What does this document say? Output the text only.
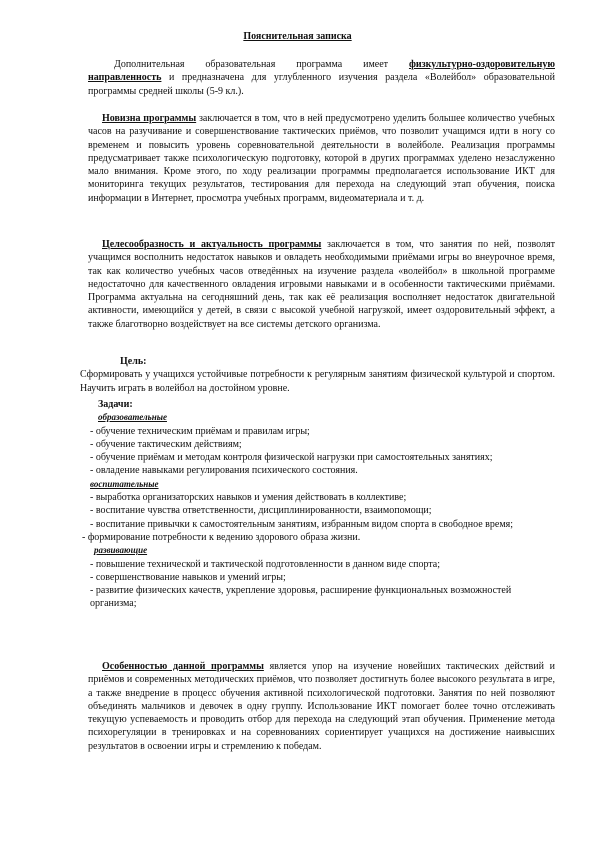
Пояснительная записка

Дополнительная образовательная программа имеет физкультурно-оздоровительную направленность и предназначена для углубленного изучения раздела «Волейбол» образовательной программы средней школы (5-9 кл.).

Новизна программы заключается в том, что в ней предусмотрено уделить большее количество учебных часов на разучивание и совершенствование тактических приёмов, что позволит учащимся идти в ногу со временем и повысить уровень соревновательной деятельности в волейболе. Реализация программы предусматривает также психологическую подготовку, которой в других программах уделено незаслуженно мало внимания. Кроме этого, по ходу реализации программы предполагается использование ИКТ для мониторинга текущих результатов, тестирования для перехода на следующий этап обучения, поиска информации в Интернет, просмотра учебных программ, видеоматериала и т. д.

Целесообразность и актуальность программы заключается в том, что занятия по ней, позволят учащимся восполнить недостаток навыков и овладеть необходимыми приёмами игры во внеурочное время, так как количество учебных часов отведённых на изучение раздела «волейбол» в школьной программе недостаточно для качественного овладения игровыми навыками и в особенности тактическими приёмами. Программа актуальна на сегодняшний день, так как её реализация восполняет недостаток двигательной активности, имеющийся у детей, в связи с высокой учебной нагрузкой, имеет оздоровительный эффект, а также благотворно воздействует на все системы детского организма.

Цель:

Сформировать у учащихся устойчивые потребности к регулярным занятиям физической культурой и спортом. Научить играть в волейбол на достойном уровне.

Задачи:

образовательные

- обучение техническим приёмам и правилам игры;

- обучение тактическим действиям;

- обучение приёмам и методам контроля физической нагрузки при самостоятельных занятиях;

- овладение навыками регулирования психического состояния.

воспитательные

- выработка организаторских навыков и умения действовать в коллективе;

- воспитание чувства ответственности, дисциплинированности, взаимопомощи;

- воспитание привычки к самостоятельным занятиям, избранным видом спорта в свободное время;

- формирование потребности к ведению здорового образа жизни.

развивающие

- повышение технической и тактической подготовленности в данном виде спорта;

- совершенствование навыков и умений игры;

- развитие физических качеств, укрепление здоровья, расширение функциональных возможностей организма;

Особенностью данной программы является упор на изучение новейших тактических действий и приёмов и современных методических приёмов, что позволяет достигнуть более высокого результата в игре, а также внедрение в процесс обучения активной психологической подготовки. Занятия по ней позволяют объединять мальчиков и девочек в одну группу. Использование ИКТ помогает более точно отслеживать текущую успеваемость и проводить отбор для перехода на следующий этап обучения. Применение метода психорегуляции в тренировках и на соревнованиях сориентирует учащихся на достижение наивысших результатов в освоении игры и стремлению к победам.
